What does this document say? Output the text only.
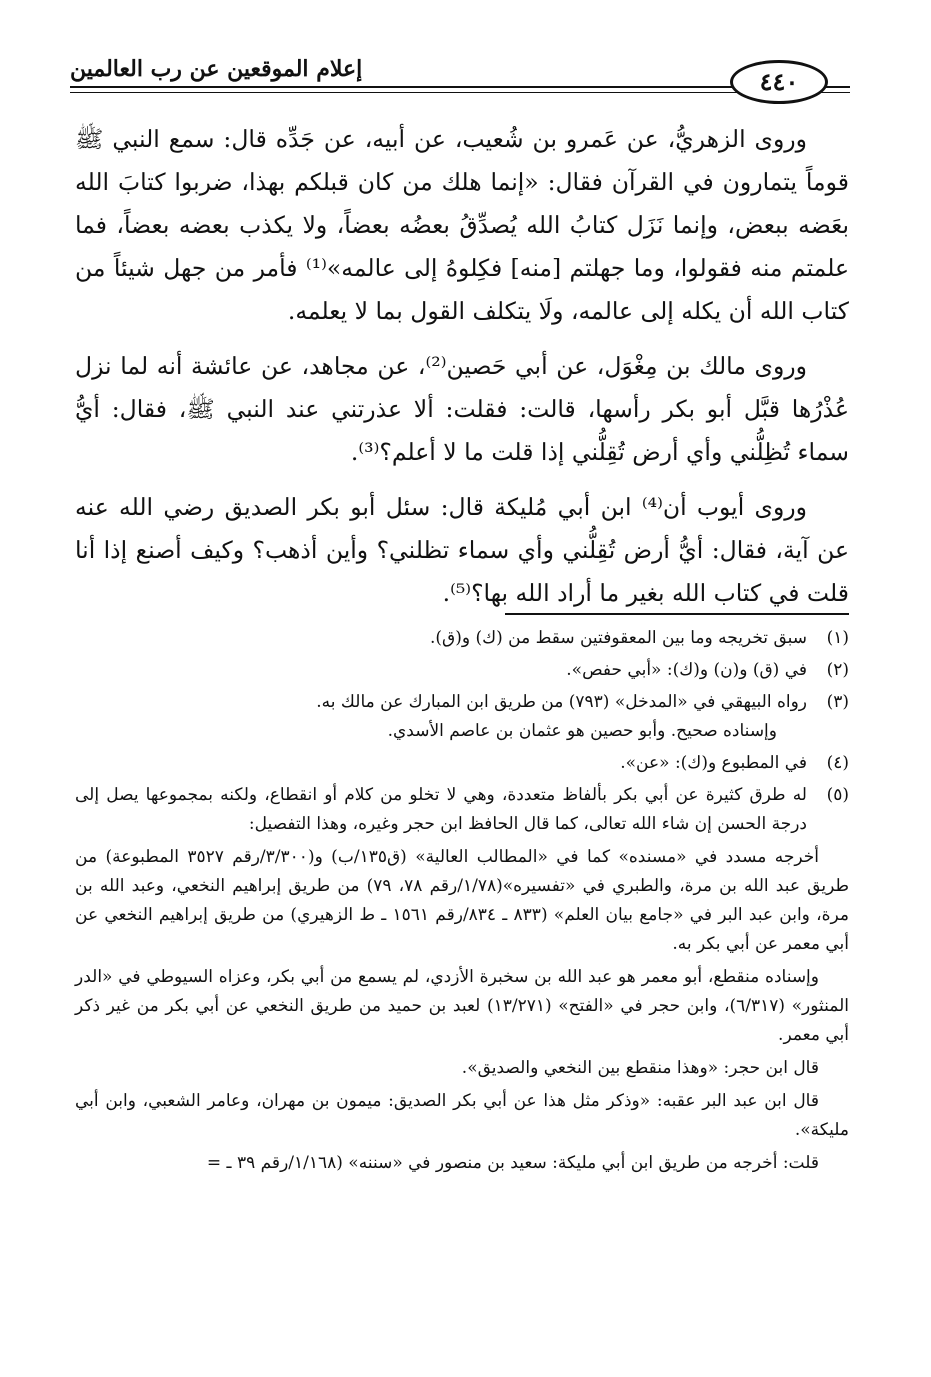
إعلام الموقعين عن رب العالمين	٤٤٠

وروى الزهريُّ، عن عَمرو بن شُعيب، عن أبيه، عن جَدِّه قال: سمع النبي ﷺ قوماً يتمارون في القرآن فقال: «إنما هلك من كان قبلكم بهذا، ضربوا كتابَ الله بعَضه ببعض، وإنما نَزَل كتابُ الله يُصدِّقُ بعضُه بعضاً، ولا يكذب بعضه بعضاً، فما علمتم منه فقولوا، وما جهلتم [منه] فكِلوهُ إلى عالمه»⁽¹⁾ فأمر من جهل شيئاً من كتاب الله أن يكله إلى عالمه، ولَا يتكلف القول بما لا يعلمه.

وروى مالك بن مِغْوَل، عن أبي حَصين⁽²⁾، عن مجاهد، عن عائشة أنه لما نزل عُذْرُها قبَّل أبو بكر رأسها، قالت: فقلت: ألا عذرتني عند النبي ﷺ، فقال: أيُّ سماء تُظِلُّني وأي أرض تُقِلُّني إذا قلت ما لا أعلم؟⁽³⁾.

وروى أيوب أن⁽⁴⁾ ابن أبي مُليكة قال: سئل أبو بكر الصديق رضي الله عنه عن آية، فقال: أيُّ أرض تُقِلُّني وأي سماء تظلني؟ وأين أذهب؟ وكيف أصنع إذا أنا قلت في كتاب الله بغير ما أراد الله بها؟⁽⁵⁾.

(١)
سبق تخريجه وما بين المعقوفتين سقط من (ك) و(ق).
(٢)
في (ق) و(ن) و(ك): «أبي حفص».
(٣)
رواه البيهقي في «المدخل» (٧٩٣) من طريق ابن المبارك عن مالك به.
وإسناده صحيح. وأبو حصين هو عثمان بن عاصم الأسدي.
(٤)
في المطبوع و(ك): «عن».
(٥)
له طرق كثيرة عن أبي بكر بألفاظ متعددة، وهي لا تخلو من كلام أو انقطاع، ولكنه بمجموعها يصل إلى درجة الحسن إن شاء الله تعالى، كما قال الحافظ ابن حجر وغيره، وهذا التفصيل:
أخرجه مسدد في «مسنده» كما في «المطالب العالية» (ق١٣٥/ب) و(٣/٣٠٠/رقم ٣٥٢٧ المطبوعة) من طريق عبد الله بن مرة، والطبري في «تفسيره»(١/٧٨/رقم ٧٨، ٧٩) من طريق إبراهيم النخعي، وعبد الله بن مرة، وابن عبد البر في «جامع بيان العلم» (٨٣٣ ـ ٨٣٤/رقم ١٥٦١ ـ ط الزهيري) من طريق إبراهيم النخعي عن أبي معمر عن أبي بكر به.
وإسناده منقطع، أبو معمر هو عبد الله بن سخبرة الأزدي، لم يسمع من أبي بكر، وعزاه السيوطي في «الدر المنثور» (٦/٣١٧)، وابن حجر في «الفتح» (١٣/٢٧١) لعبد بن حميد من طريق النخعي عن أبي بكر من غير ذكر أبي معمر.
قال ابن حجر: «وهذا منقطع بين النخعي والصديق».
قال ابن عبد البر عقبه: «وذكر مثل هذا عن أبي بكر الصديق: ميمون بن مهران، وعامر الشعبي، وابن أبي مليكة».
قلت: أخرجه من طريق ابن أبي مليكة: سعيد بن منصور في «سننه» (١/١٦٨/رقم ٣٩ ـ =
